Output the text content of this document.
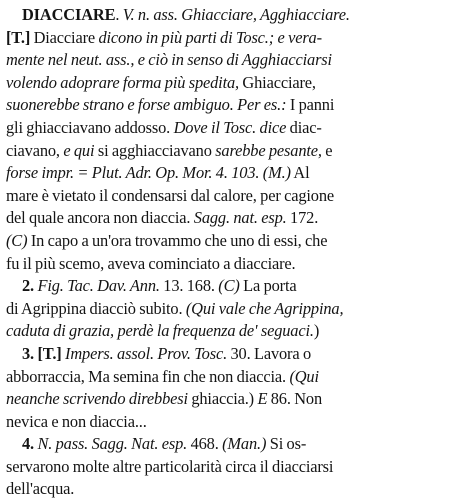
DIACCIARE. V. n. ass. Ghiacciare, Agghiacciare.
[T.] Diacciare dicono in più parti di Tosc.; e vera-
mente nel neut. ass., e ciò in senso di Agghiacciarsi
volendo adoprare forma più spedita, Ghiacciare,
suonerebbe strano e forse ambiguo. Per es.: I panni
gli ghiacciavano addosso. Dove il Tosc. dice diac-
ciavano, e qui si agghiacciavano sarebbe pesante, e
forse impr. = Plut. Adr. Op. Mor. 4. 103. (M.) Al
mare è vietato il condensarsi dal calore, per cagione
del quale ancora non diaccia. Sagg. nat. esp. 172.
(C) In capo a un'ora trovammo che uno di essi, che
fu il più scemo, aveva cominciato a diacciare.
2. Fig. Tac. Dav. Ann. 13. 168. (C) La porta
di Agrippina diacciò subito. (Qui vale che Agrippina,
caduta di grazia, perdè la frequenza de' seguaci.)
3. [T.] Impers. assol. Prov. Tosc. 30. Lavora o
abborraccia, Ma semina fin che non diaccia. (Qui
neanche scrivendo direbbesi ghiaccia.) E 86. Non
nevica e non diaccia...
4. N. pass. Sagg. Nat. esp. 468. (Man.) Si os-
servarono molte altre particolarità circa il diacciarsi
dell'acqua.
